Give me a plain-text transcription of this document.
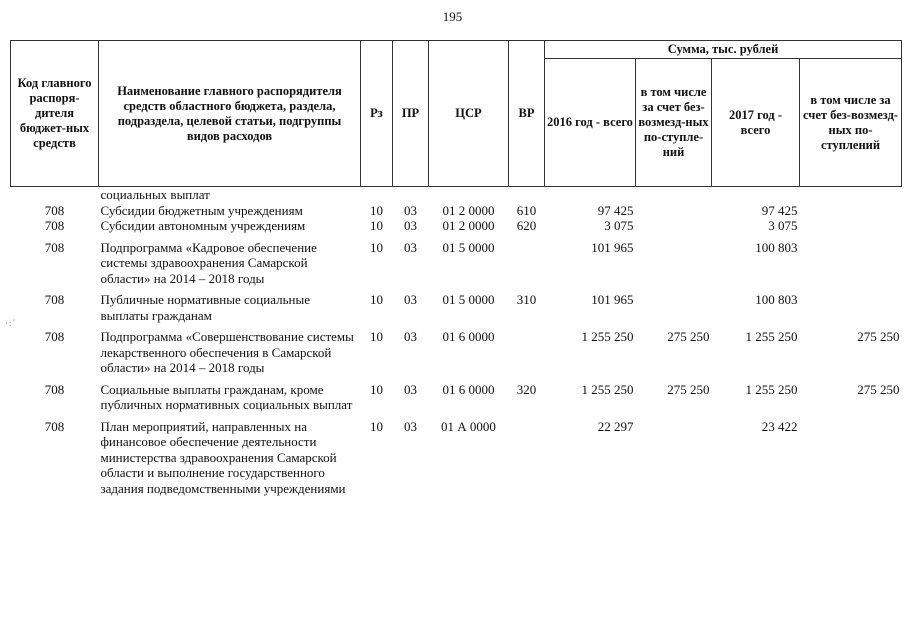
195
Код главного распоря-дителя бюджет-ных средств	Наименование главного распорядителя средств областного бюджета, раздела, подраздела, целевой статьи, подгруппы видов расходов	Рз	ПР	ЦСР	ВР	Сумма, тыс. рублей			
						2016 год - всего	в том числе за счет без-возмезд-ных по-ступле-ний	2017 год - всего	в том числе за счет без-возмезд-ных по-ступлений
	социальных выплат								
708	Субсидии бюджетным учреждениям	10	03	01 2 0000	610	97 425		97 425	
708	Субсидии автономным учреждениям	10	03	01 2 0000	620	3 075		3 075	
708	Подпрограмма «Кадровое обеспечение системы здравоохранения Самарской области» на 2014 – 2018 годы	10	03	01 5 0000		101 965		100 803	
708	Публичные нормативные социальные выплаты гражданам	10	03	01 5 0000	310	101 965		100 803	
708	Подпрограмма «Совершенствование системы лекарственного обеспечения в Самарской области» на 2014 – 2018 годы	10	03	01 6 0000		1 255 250	275 250	1 255 250	275 250
708	Социальные выплаты гражданам, кроме публичных нормативных социальных выплат	10	03	01 6 0000	320	1 255 250	275 250	1 255 250	275 250
708	План мероприятий, направленных на финансовое обеспечение деятельности министерства здравоохранения Самарской области и выполнение государственного задания подведомственными учреждениями	10	03	01 А 0000		22 297		23 422	
·:´
